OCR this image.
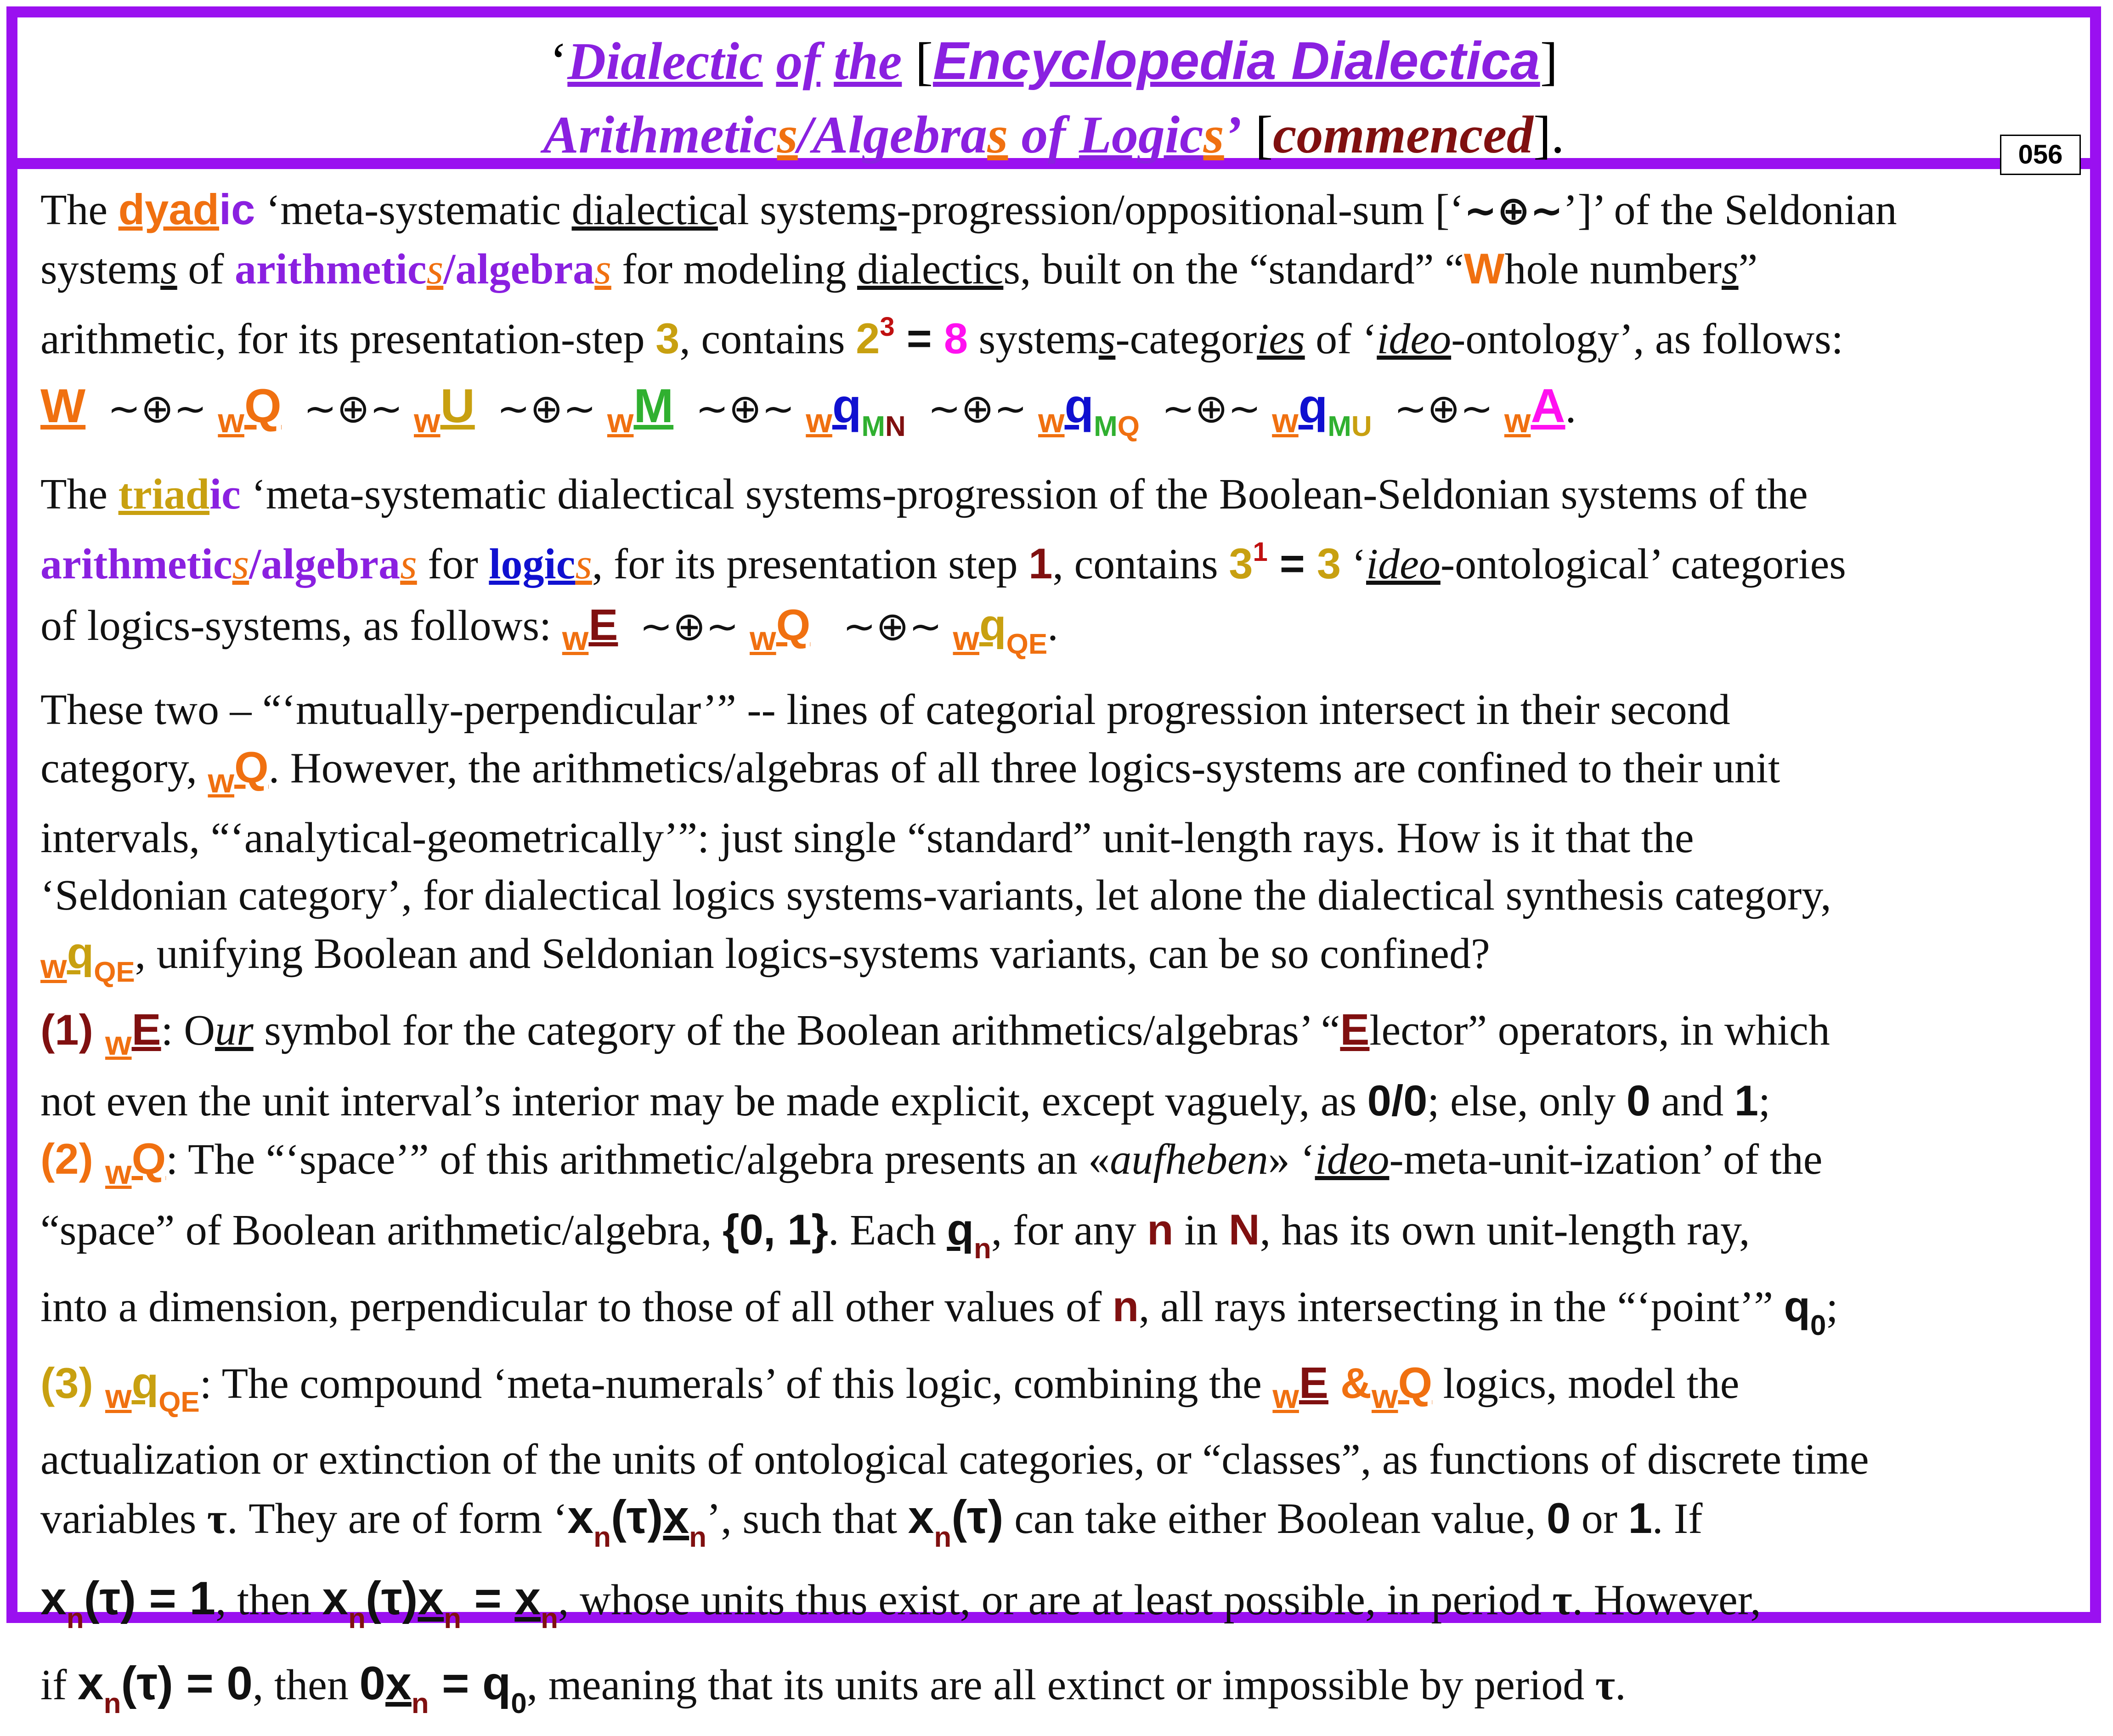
‘Dialectic of the [Encyclopedia Dialectica]
Arithmetics/Algebras of Logics’ [commenced].	056
The dyadic ‘meta-systematic dialectical systems-progression/oppositional-sum [‘~⊕~’]’ of the Seldonian
systems of arithmetics/algebras for modeling dialectics, built on the “standard” “Whole numbers”
arithmetic, for its presentation-step 3, contains $2^3 = 8$ systems-categories of ‘ideo-ontology’, as follows:
W ~⊕~ $_w$Q ~⊕~ $_w$U ~⊕~ $_w$M ~⊕~ $_wq_{MN}$ ~⊕~ $_wq_{MQ}$ ~⊕~ $_wq_{MU}$ ~⊕~ $_w$A.
The triadic ‘meta-systematic dialectical systems-progression of the Boolean-Seldonian systems of the
arithmetics/algebras for logics, for its presentation step 1, contains $3^1 = 3$ ‘ideo-ontological’ categories
of logics-systems, as follows: $_w$E ~⊕~ $_w$Q ~⊕~ $_wq_{QE}$.
These two – “‘mutually-perpendicular’” -- lines of categorial progression intersect in their second
category, $_w$Q. However, the arithmetics/algebras of all three logics-systems are confined to their unit
intervals, “‘analytical-geometrically’”: just single “standard” unit-length rays. How is it that the
‘Seldonian category’, for dialectical logics systems-variants, let alone the dialectical synthesis category,
$_wq_{QE}$, unifying Boolean and Seldonian logics-systems variants, can be so confined?
(1) $_w$E: Our symbol for the category of the Boolean arithmetics/algebras’ “Elector” operators, in which
not even the unit interval’s interior may be made explicit, except vaguely, as 0/0; else, only 0 and 1;
(2) $_w$Q: The “‘space’” of this arithmetic/algebra presents an «aufheben» ‘ideo-meta-unit-ization’ of the
“space” of Boolean arithmetic/algebra, {0, 1}. Each $q_n$, for any n in N, has its own unit-length ray,
into a dimension, perpendicular to those of all other values of n, all rays intersecting in the “‘point’” $q_0$;
(3) $_wq_{QE}$: The compound ‘meta-numerals’ of this logic, combining the $_w$E $\&_wQ$ logics, model the
actualization or extinction of the units of ontological categories, or “classes”, as functions of discrete time
variables τ. They are of form ‘$x_n(\tau)x_n$’, such that $x_n(\tau)$ can take either Boolean value, 0 or 1. If
$x_n(\tau) = 1$, then $x_n(\tau)x_n = x_n$, whose units thus exist, or are at least possible, in period τ. However,
if $x_n(\tau) = 0$, then $0x_n = q_0$, meaning that its units are all extinct or impossible by period τ.
